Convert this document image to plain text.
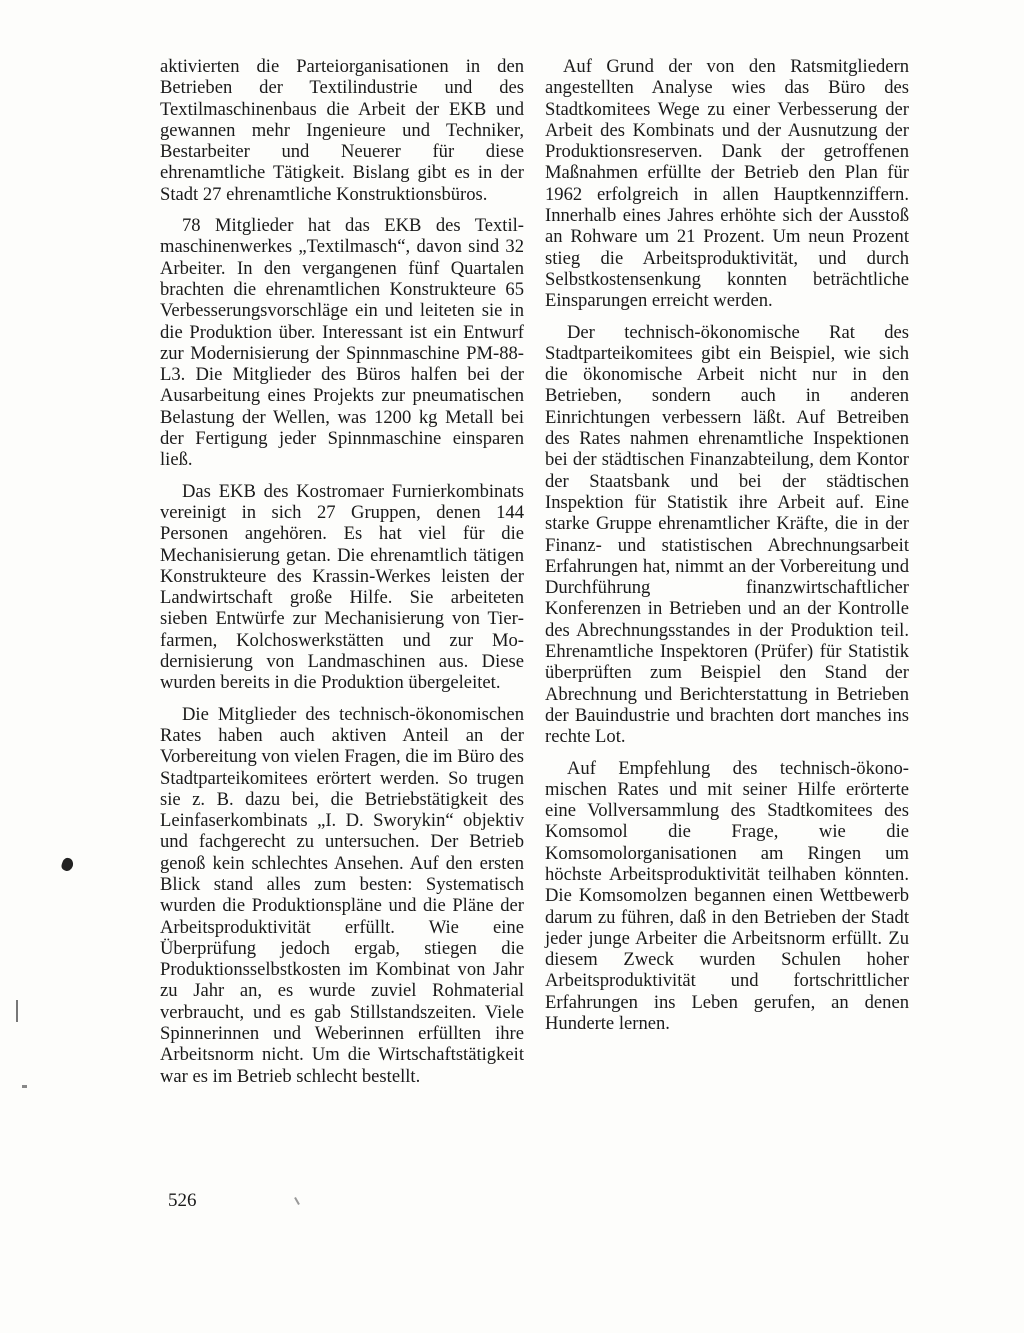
aktivierten die Parteiorganisationen in den Betrieben der Textilindustrie und des Textilmaschinenbaus die Arbeit der EKB und gewannen mehr Ingenieure und Techniker, Bestarbeiter und Neuerer für diese ehrenamtliche Tätigkeit. Bislang gibt es in der Stadt 27 ehrenamtliche Konstruktionsbüros.

78 Mitglieder hat das EKB des Textilmaschinenwerkes „Textilmasch“, davon sind 32 Arbeiter. In den vergangenen fünf Quartalen brachten die ehrenamtlichen Konstrukteure 65 Verbesserungsvorschläge ein und leiteten sie in die Produktion über. Interessant ist ein Entwurf zur Modernisierung der Spinnmaschine PM-88-L3. Die Mitglieder des Büros halfen bei der Ausarbeitung eines Projekts zur pneumatischen Belastung der Wellen, was 1200 kg Metall bei der Fertigung jeder Spinnmaschine einsparen ließ.

Das EKB des Kostromaer Furnierkombinats vereinigt in sich 27 Gruppen, denen 144 Personen angehören. Es hat viel für die Mechanisierung getan. Die ehrenamtlich tätigen Konstrukteure des Krassin-Werkes leisten der Landwirtschaft große Hilfe. Sie arbeiteten sieben Entwürfe zur Mechanisierung von Tierfarmen, Kolchoswerkstätten und zur Modernisierung von Landmaschinen aus. Diese wurden bereits in die Produktion übergeleitet.

Die Mitglieder des technisch-ökonomischen Rates haben auch aktiven Anteil an der Vorbereitung von vielen Fragen, die im Büro des Stadtparteikomitees erörtert werden. So trugen sie z. B. dazu bei, die Betriebstätigkeit des Leinfaserkombinats „I. D. Sworykin“ objektiv und fachgerecht zu untersuchen. Der Betrieb genoß kein schlechtes Ansehen. Auf den ersten Blick stand alles zum besten: Systematisch wurden die Produktionspläne und die Pläne der Arbeitsproduktivität erfüllt. Wie eine Überprüfung jedoch ergab, stiegen die Produktionsselbstkosten im Kombinat von Jahr zu Jahr an, es wurde zuviel Rohmaterial verbraucht, und es gab Stillstandszeiten. Viele Spinnerinnen und Weberinnen erfüllten ihre Arbeitsnorm nicht. Um die Wirtschaftstätigkeit war es im Betrieb schlecht bestellt.

Auf Grund der von den Ratsmitgliedern angestellten Analyse wies das Büro des Stadtkomitees Wege zu einer Verbesserung der Arbeit des Kombinats und der Ausnutzung der Produktionsreserven. Dank der getroffenen Maßnahmen erfüllte der Betrieb den Plan für 1962 erfolgreich in allen Hauptkennziffern. Innerhalb eines Jahres erhöhte sich der Ausstoß an Rohware um 21 Prozent. Um neun Prozent stieg die Arbeitsproduktivität, und durch Selbstkostensenkung konnten beträchtliche Einsparungen erreicht werden.

Der technisch-ökonomische Rat des Stadtparteikomitees gibt ein Beispiel, wie sich die ökonomische Arbeit nicht nur in den Betrieben, sondern auch in anderen Einrichtungen verbessern läßt. Auf Betreiben des Rates nahmen ehrenamtliche Inspektionen bei der städtischen Finanzabteilung, dem Kontor der Staatsbank und bei der städtischen Inspektion für Statistik ihre Arbeit auf. Eine starke Gruppe ehrenamtlicher Kräfte, die in der Finanz- und statistischen Abrechnungsarbeit Erfahrungen hat, nimmt an der Vorbereitung und Durchführung finanzwirtschaftlicher Konferenzen in Betrieben und an der Kontrolle des Abrechnungsstandes in der Produktion teil. Ehrenamtliche Inspektoren (Prüfer) für Statistik überprüften zum Beispiel den Stand der Abrechnung und Berichterstattung in Betrieben der Bauindustrie und brachten dort manches ins rechte Lot.

Auf Empfehlung des technisch-ökonomischen Rates und mit seiner Hilfe erörterte eine Vollversammlung des Stadtkomitees des Komsomol die Frage, wie die Komsomolorganisationen am Ringen um höchste Arbeitsproduktivität teilhaben könnten. Die Komsomolzen begannen einen Wettbewerb darum zu führen, daß in den Betrieben der Stadt jeder junge Arbeiter die Arbeitsnorm erfüllt. Zu diesem Zweck wurden Schulen hoher Arbeitsproduktivität und fortschrittlicher Erfahrungen ins Leben gerufen, an denen Hunderte lernen.

526
